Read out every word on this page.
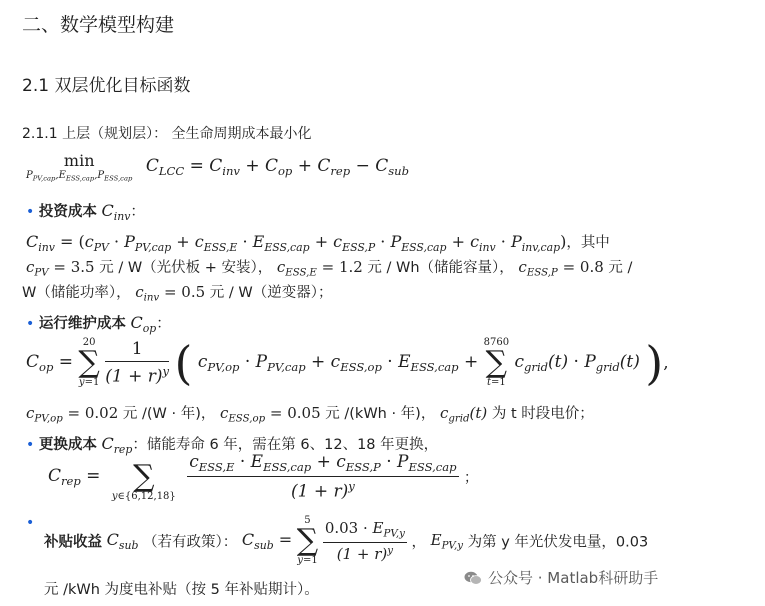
二、数学模型构建
2.1 双层优化目标函数
2.1.1 上层（规划层）： 全生命周期成本最小化
min
$P_{PV,cap},E_{ESS,cap},P_{ESS,cap}$
$C_{LCC} = C_{inv} + C_{op} + C_{rep} - C_{sub}$
• 投资成本 $C_{inv}$：
$C_{inv} = (c_{PV} \cdot P_{PV,cap} + c_{ESS,E} \cdot E_{ESS,cap} + c_{ESS,P} \cdot P_{ESS,cap} + c_{inv} \cdot P_{inv,cap})$，其中
$c_{PV} = 3.5$ 元 / W（光伏板 + 安装）， $c_{ESS,E} = 1.2$ 元 / Wh（储能容量）， $c_{ESS,P} = 0.8$ 元 /
W（储能功率）， $c_{inv} = 0.5$ 元 / W（逆变器）；
• 运行维护成本 $C_{op}$：
$C_{op}$ =
20
∑
y=1
$\frac{1}{(1 + r)^y}$ ( $c_{PV,op} \cdot P_{PV,cap} + c_{ESS,op} \cdot E_{ESS,cap}$ +
8760
∑
t=1
$c_{grid}(t) \cdot P_{grid}(t)$ ),
$c_{PV,op} = 0.02$ 元 /(W · 年)， $c_{ESS,op} = 0.05$ 元 /(kWh · 年)， $c_{grid}(t)$ 为 t 时段电价；
• 更换成本 $C_{rep}$：储能寿命 6 年，需在第 6、12、18 年更换，
$C_{rep}$ =
	∑
y∈{6,12,18}
$\frac{c_{ESS,E} \cdot E_{ESS,cap} + c_{ESS,P} \cdot P_{ESS,cap}}{(1 + r)^y}$ ；
•
补贴收益 $C_{sub}$ （若有政策）： $C_{sub}$ =
5
∑
y=1
$\frac{0.03 \cdot E_{PV,y}}{(1 + r)^y}$ ， $E_{PV,y}$ 为第 y 年光伏发电量，0.03
元 /kWh 为度电补贴（按 5 年补贴期计）。
公众号 · Matlab科研助手
